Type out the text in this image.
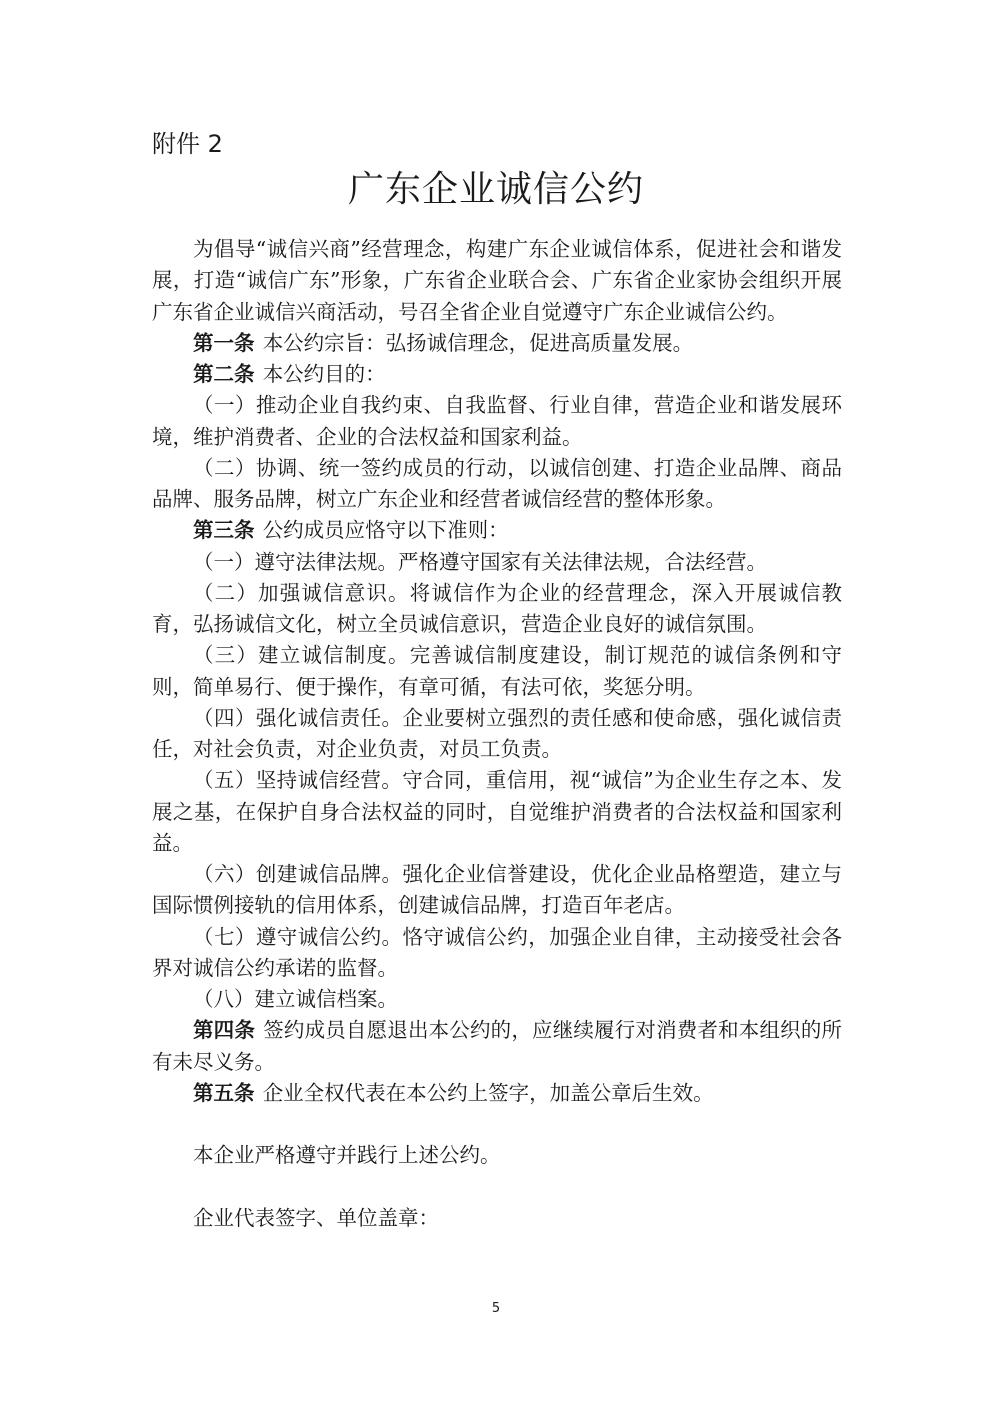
附件 2
广东企业诚信公约

为倡导“诚信兴商”经营理念，构建广东企业诚信体系，促进社会和谐发展，打造“诚信广东”形象，广东省企业联合会、广东省企业家协会组织开展广东省企业诚信兴商活动，号召全省企业自觉遵守广东企业诚信公约。

第一条 本公约宗旨：弘扬诚信理念，促进高质量发展。

第二条 本公约目的：

（一）推动企业自我约束、自我监督、行业自律，营造企业和谐发展环境，维护消费者、企业的合法权益和国家利益。

（二）协调、统一签约成员的行动，以诚信创建、打造企业品牌、商品品牌、服务品牌，树立广东企业和经营者诚信经营的整体形象。

第三条 公约成员应恪守以下准则：

（一）遵守法律法规。严格遵守国家有关法律法规，合法经营。

（二）加强诚信意识。将诚信作为企业的经营理念，深入开展诚信教育，弘扬诚信文化，树立全员诚信意识，营造企业良好的诚信氛围。

（三）建立诚信制度。完善诚信制度建设，制订规范的诚信条例和守则，简单易行、便于操作，有章可循，有法可依，奖惩分明。

（四）强化诚信责任。企业要树立强烈的责任感和使命感，强化诚信责任，对社会负责，对企业负责，对员工负责。

（五）坚持诚信经营。守合同，重信用，视“诚信”为企业生存之本、发展之基，在保护自身合法权益的同时，自觉维护消费者的合法权益和国家利益。

（六）创建诚信品牌。强化企业信誉建设，优化企业品格塑造，建立与国际惯例接轨的信用体系，创建诚信品牌，打造百年老店。

（七）遵守诚信公约。恪守诚信公约，加强企业自律，主动接受社会各界对诚信公约承诺的监督。

（八）建立诚信档案。

第四条 签约成员自愿退出本公约的，应继续履行对消费者和本组织的所有未尽义务。

第五条 企业全权代表在本公约上签字，加盖公章后生效。

本企业严格遵守并践行上述公约。

企业代表签字、单位盖章：

5
